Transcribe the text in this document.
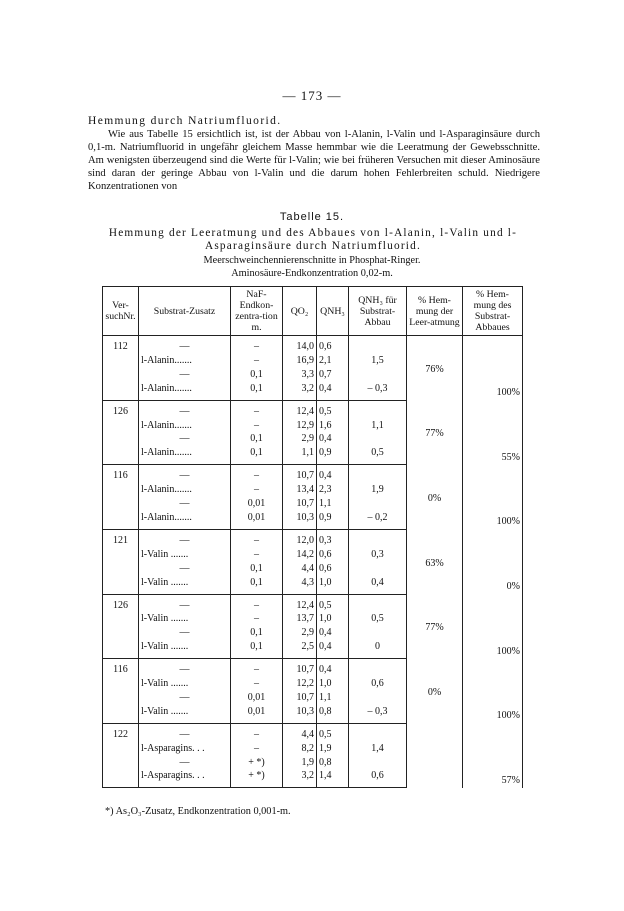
— 173 —
Hemmung durch Natriumfluorid.

Wie aus Tabelle 15 ersichtlich ist, ist der Abbau von l-Alanin, l-Valin und l-Asparaginsäure durch 0,1-m. Natriumfluorid in ungefähr gleichem Masse hemmbar wie die Leeratmung der Gewebsschnitte. Am wenigsten überzeugend sind die Werte für l-Valin; wie bei früheren Versuchen mit dieser Aminosäure sind daran der geringe Abbau von l-Valin und die darum hohen Fehlerbreiten schuld. Niedrigere Konzentrationen von

Tabelle 15.

Hemmung der Leeratmung und des Abbaues von l-Alanin, l-Valin und l-Asparaginsäure durch Natriumfluorid.

Meerschweinchennierenschnitte in Phosphat-Ringer.
Aminosäure-Endkonzentration 0,02-m.

Ver-suchNr.	Substrat-Zusatz	NaF-Endkon-zentra-tion m.	QO₂	QNH₃	QNH₃ für Substrat-Abbau	% Hem-mung der Leer-atmung	% Hem-mung des Substrat-Abbaues
112	—	–	14,0	0,6		76%	100%
	l-Alanin.......	–	16,9	2,1	1,5		
	—	0,1	3,3	0,7			
	l-Alanin.......	0,1	3,2	0,4	– 0,3		
126	—	–	12,4	0,5		77%	55%
	l-Alanin.......	–	12,9	1,6	1,1		
	—	0,1	2,9	0,4			
	l-Alanin.......	0,1	1,1	0,9	0,5		
116	—	–	10,7	0,4		0%	100%
	l-Alanin.......	–	13,4	2,3	1,9		
	—	0,01	10,7	1,1			
	l-Alanin.......	0,01	10,3	0,9	– 0,2		
121	—	–	12,0	0,3		63%	0%
	l-Valin .......	–	14,2	0,6	0,3		
	—	0,1	4,4	0,6			
	l-Valin .......	0,1	4,3	1,0	0,4		
126	—	–	12,4	0,5		77%	100%
	l-Valin .......	–	13,7	1,0	0,5		
	—	0,1	2,9	0,4			
	l-Valin .......	0,1	2,5	0,4	0		
116	—	–	10,7	0,4		0%	100%
	l-Valin .......	–	12,2	1,0	0,6		
	—	0,01	10,7	1,1			
	l-Valin .......	0,01	10,3	0,8	– 0,3		
122	—	–	4,4	0,5			57%
	l-Asparagins. . .	–	8,2	1,9	1,4		
	—	+ *)	1,9	0,8			
	l-Asparagins. . .	+ *)	3,2	1,4	0,6		
*) As₂O₃-Zusatz, Endkonzentration 0,001-m.
